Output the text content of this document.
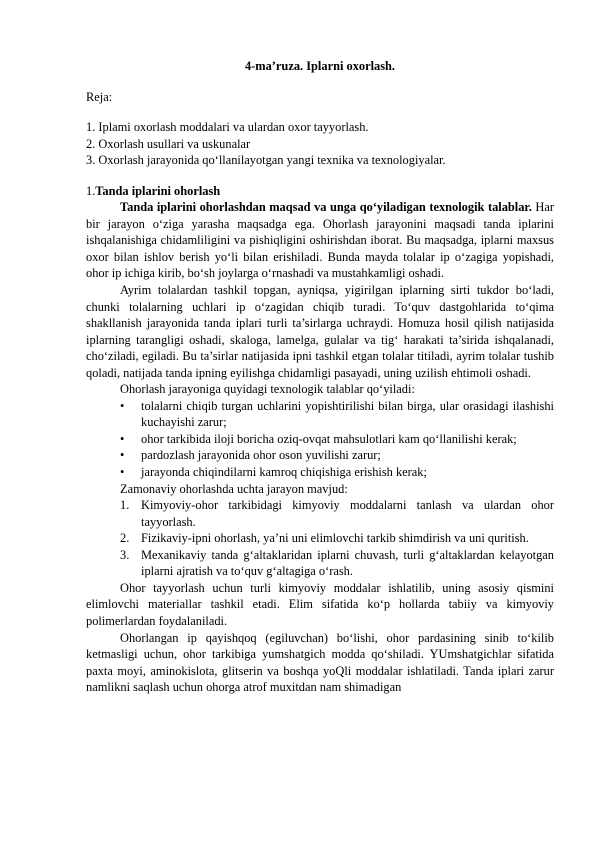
4-ma’ruza. Iplarni oxorlash.

Reja:

1. Iplami oxorlash moddalari va ulardan oxor tayyorlash.

2. Oxorlash usullari va uskunalar

3. Oxorlash jarayonida qo‘llanilayotgan yangi texnika va texnologiyalar.

1.Tanda iplarini ohorlash

Tanda iplarini ohorlashdan maqsad va unga qo‘yiladigan texnologik talablar. Har bir jarayon o‘ziga yarasha maqsadga ega. Ohorlash jarayonini maqsadi tanda iplarini ishqalanishiga chidamliligini va pishiqligini oshirishdan iborat. Bu maqsadga, iplarni maxsus oxor bilan ishlov berish yo‘li bilan erishiladi. Bunda mayda tolalar ip o‘zagiga yopishadi, ohor ip ichiga kirib, bo‘sh joylarga o‘rnashadi va mustahkamligi oshadi.

Ayrim tolalardan tashkil topgan, ayniqsa, yigirilgan iplarning sirti tukdor bo‘ladi, chunki tolalarning uchlari ip o‘zagidan chiqib turadi. To‘quv dastgohlarida to‘qima shakllanish jarayonida tanda iplari turli ta’sirlarga uchraydi. Homuza hosil qilish natijasida iplarning tarangligi oshadi, skaloga, lamelga, gulalar va tig‘ harakati ta’sirida ishqalanadi, cho‘ziladi, egiladi. Bu ta’sirlar natijasida ipni tashkil etgan tolalar titiladi, ayrim tolalar tushib qoladi, natijada tanda ipning eyilishga chidamligi pasayadi, uning uzilish ehtimoli oshadi.

Ohorlash jarayoniga quyidagi texnologik talablar qo‘yiladi:

• tolalarni chiqib turgan uchlarini yopishtirilishi bilan birga, ular orasidagi ilashishi kuchayishi zarur;
• ohor tarkibida iloji boricha oziq-ovqat mahsulotlari kam qo‘llanilishi kerak;
• pardozlash jarayonida ohor oson yuvilishi zarur;
• jarayonda chiqindilarni kamroq chiqishiga erishish kerak;

Zamonaviy ohorlashda uchta jarayon mavjud:

1. Kimyoviy-ohor tarkibidagi kimyoviy moddalarni tanlash va ulardan ohor tayyorlash.
2. Fizikaviy-ipni ohorlash, ya’ni uni elimlovchi tarkib shimdirish va uni quritish.
3. Mexanikaviy tanda g‘altaklaridan iplarni chuvash, turli g‘altaklardan kelayotgan iplarni ajratish va to‘quv g‘altagiga o‘rash.

Ohor tayyorlash uchun turli kimyoviy moddalar ishlatilib, uning asosiy qismini elimlovchi materiallar tashkil etadi. Elim sifatida ko‘p hollarda tabiiy va kimyoviy polimerlardan foydalaniladi.

Ohorlangan ip qayishqoq (egiluvchan) bo‘lishi, ohor pardasining sinib to‘kilib ketmasligi uchun, ohor tarkibiga yumshatgich modda qo‘shiladi. YUmshatgichlar sifatida paxta moyi, aminokislota, glitserin va boshqa yoQli moddalar ishlatiladi. Tanda iplari zarur namlikni saqlash uchun ohorga atrof muxitdan nam shimadigan
